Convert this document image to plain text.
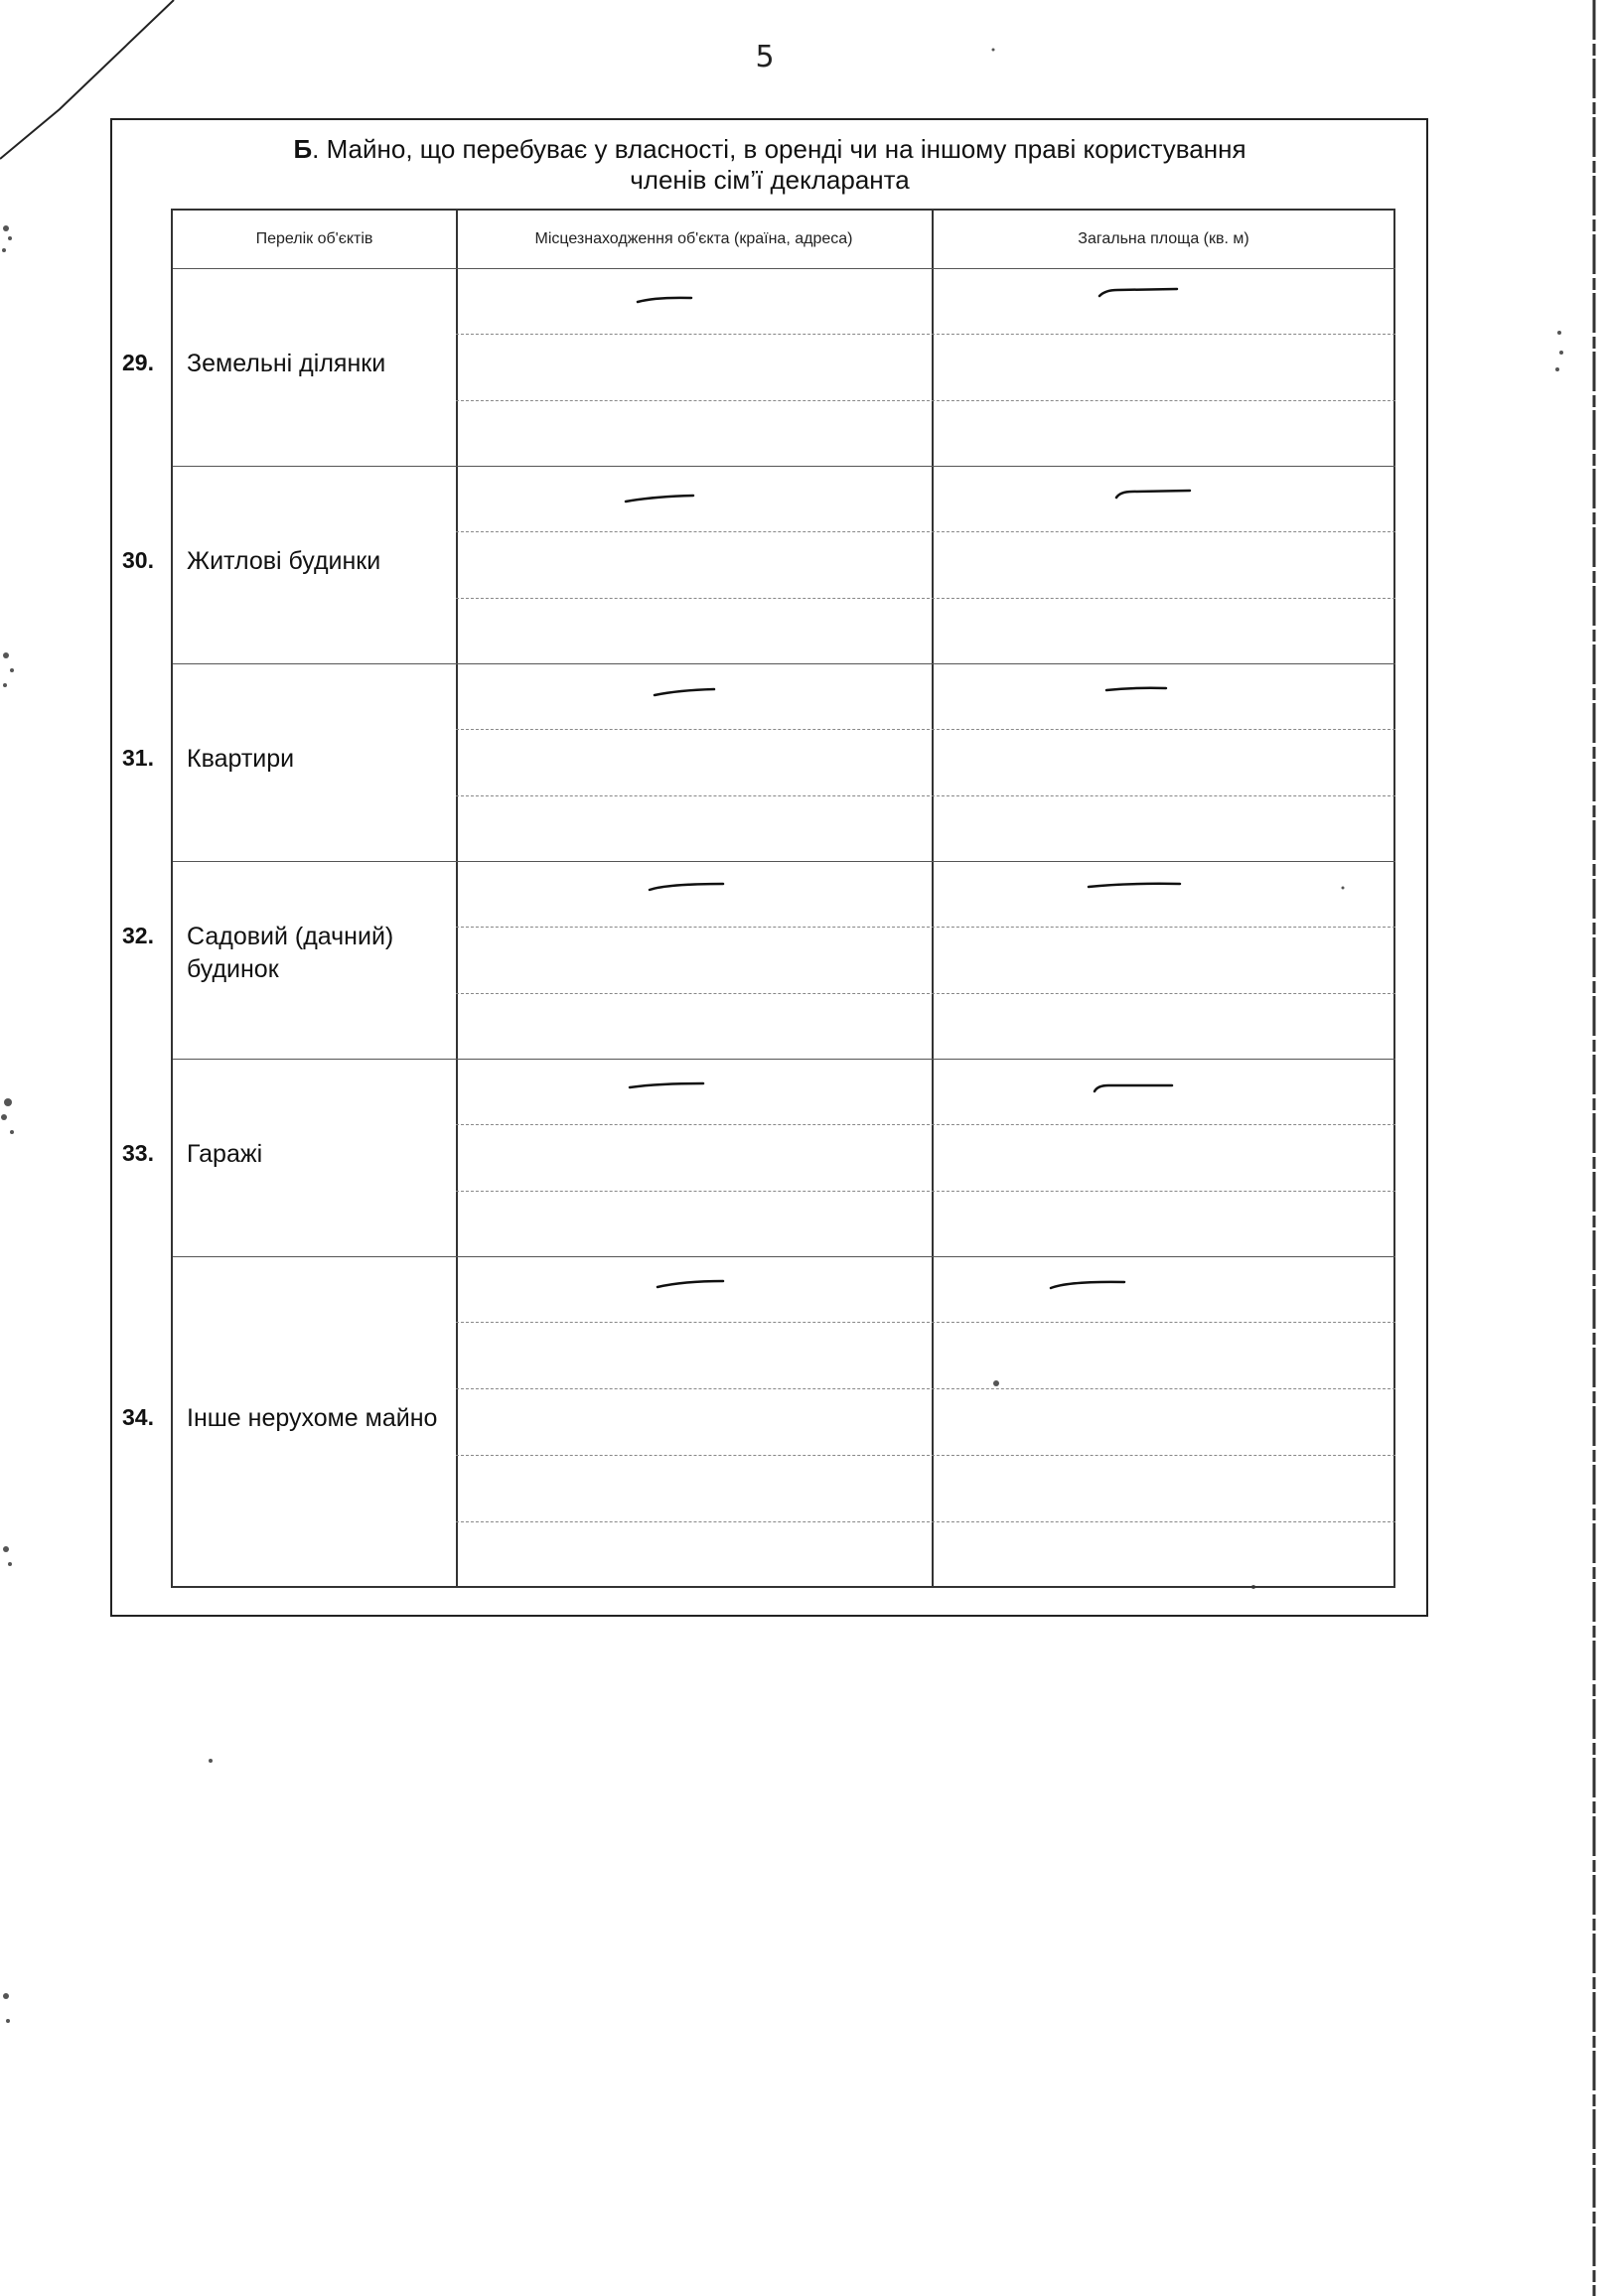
5
Б. Майно, що перебуває у власності, в оренді чи на іншому праві користування
членів сім’ї декларанта
Перелік об'єктів	Місцезнаходження об'єкта (країна, адреса)	Загальна площа (кв. м)
29.	Земельні ділянки
30.	Житлові будинки
31.	Квартири
32.	Садовий (дачний) будинок
33.	Гаражі
34.	Інше нерухоме майно
